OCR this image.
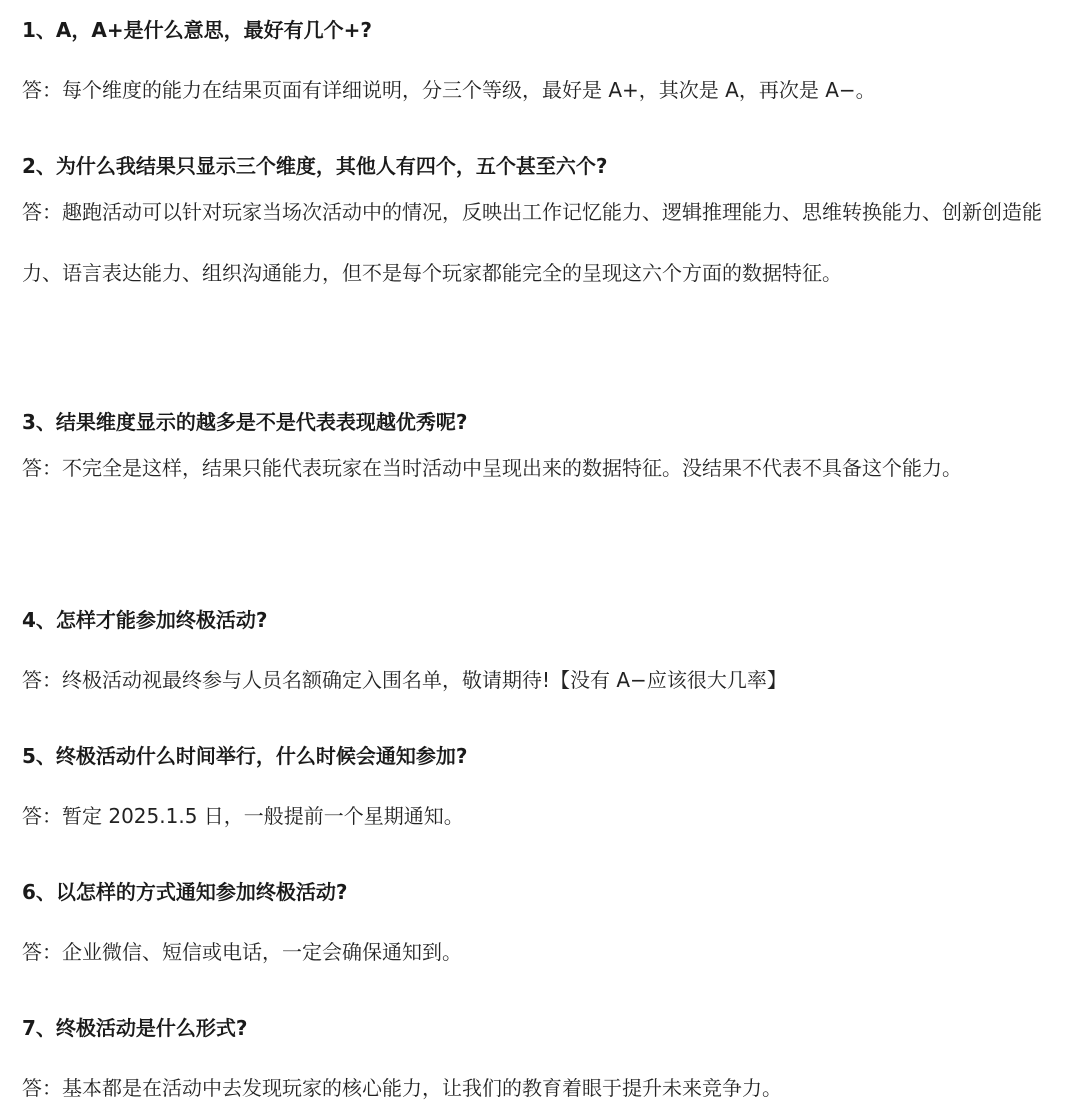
1、A，A+是什么意思，最好有几个+?

答：每个维度的能力在结果页面有详细说明，分三个等级，最好是 A+，其次是 A，再次是 A−。

2、为什么我结果只显示三个维度，其他人有四个，五个甚至六个?

答：趣跑活动可以针对玩家当场次活动中的情况，反映出工作记忆能力、逻辑推理能力、思维转换能力、创新创造能力、语言表达能力、组织沟通能力，但不是每个玩家都能完全的呈现这六个方面的数据特征。

3、结果维度显示的越多是不是代表表现越优秀呢?

答：不完全是这样，结果只能代表玩家在当时活动中呈现出来的数据特征。没结果不代表不具备这个能力。

4、怎样才能参加终极活动?

答：终极活动视最终参与人员名额确定入围名单，敬请期待!【没有 A−应该很大几率】

5、终极活动什么时间举行，什么时候会通知参加?

答：暂定 2025.1.5 日，一般提前一个星期通知。

6、以怎样的方式通知参加终极活动?

答：企业微信、短信或电话，一定会确保通知到。

7、终极活动是什么形式?

答：基本都是在活动中去发现玩家的核心能力，让我们的教育着眼于提升未来竞争力。
